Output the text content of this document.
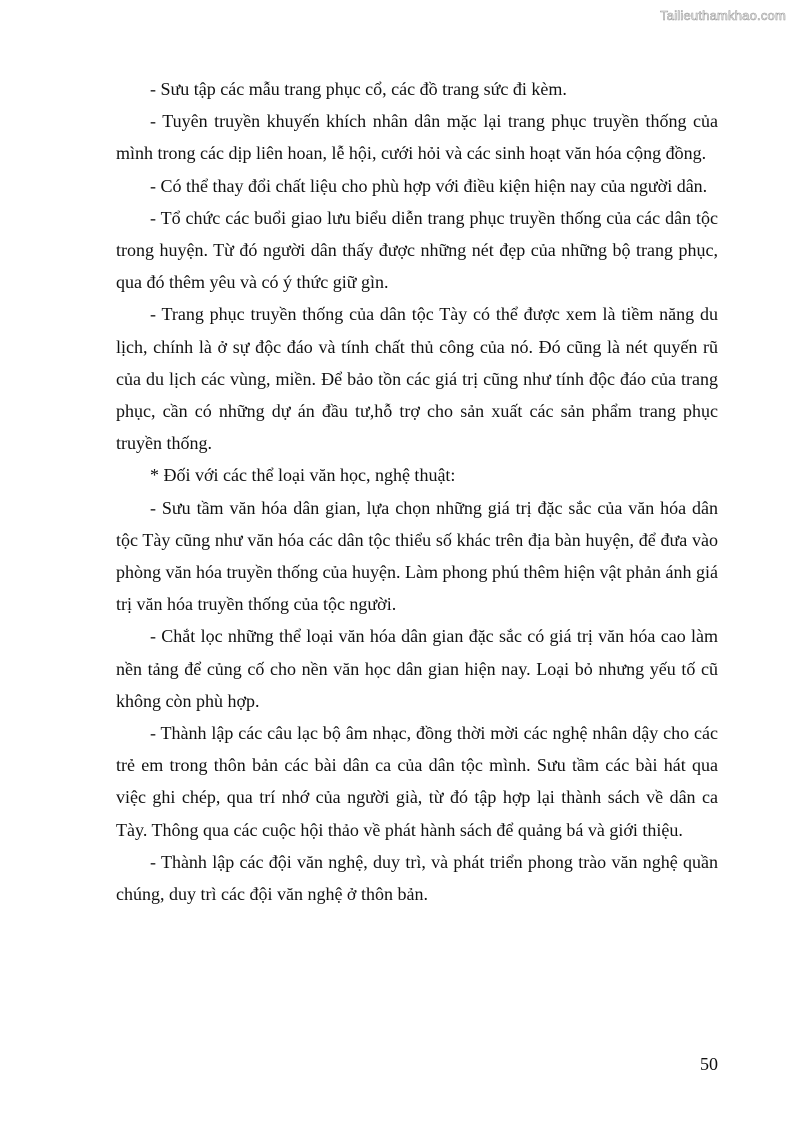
Tailieuthamkhao.com

- Sưu tập các mẫu trang phục cổ, các đồ trang sức đi kèm.

- Tuyên truyền khuyến khích nhân dân mặc lại trang phục truyền thống của mình trong các dịp liên hoan, lễ hội, cưới hỏi và các sinh hoạt văn hóa cộng đồng.

- Có thể thay đổi chất liệu cho phù hợp với điều kiện hiện nay của người dân.

- Tổ chức các buổi giao lưu biểu diễn trang phục truyền thống của các dân tộc trong huyện. Từ đó người dân thấy được những nét đẹp của những bộ trang phục, qua đó thêm yêu và có ý thức giữ gìn.

- Trang phục truyền thống của dân tộc Tày có thể được xem là tiềm năng du lịch, chính là ở sự độc đáo và tính chất thủ công của nó. Đó cũng là nét quyến rũ của du lịch các vùng, miền. Để bảo tồn các giá trị cũng như tính độc đáo của trang phục, cần có những dự án đầu tư,hỗ trợ cho sản xuất các sản phẩm trang phục truyền thống.

* Đối với các thể loại văn học, nghệ thuật:

- Sưu tầm văn hóa dân gian, lựa chọn những giá trị đặc sắc của văn hóa dân tộc Tày cũng như văn hóa các dân tộc thiểu số khác trên địa bàn huyện, để đưa vào phòng văn hóa truyền thống của huyện. Làm phong phú thêm hiện vật phản ánh giá trị văn hóa truyền thống của tộc người.

- Chắt lọc những thể loại văn hóa dân gian đặc sắc có giá trị văn hóa cao làm nền tảng để củng cố cho nền văn học dân gian hiện nay. Loại bỏ nhưng yếu tố cũ không còn phù hợp.

- Thành lập các câu lạc bộ âm nhạc, đồng thời mời các nghệ nhân dậy cho các trẻ em trong thôn bản các bài dân ca của dân tộc mình. Sưu tầm các bài hát qua việc ghi chép, qua trí nhớ của người già, từ đó tập hợp lại thành sách về dân ca Tày. Thông qua các cuộc hội thảo về phát hành sách để quảng bá và giới thiệu.

- Thành lập các đội văn nghệ, duy trì, và phát triển phong trào văn nghệ quần chúng, duy trì các đội văn nghệ ở thôn bản.

50
